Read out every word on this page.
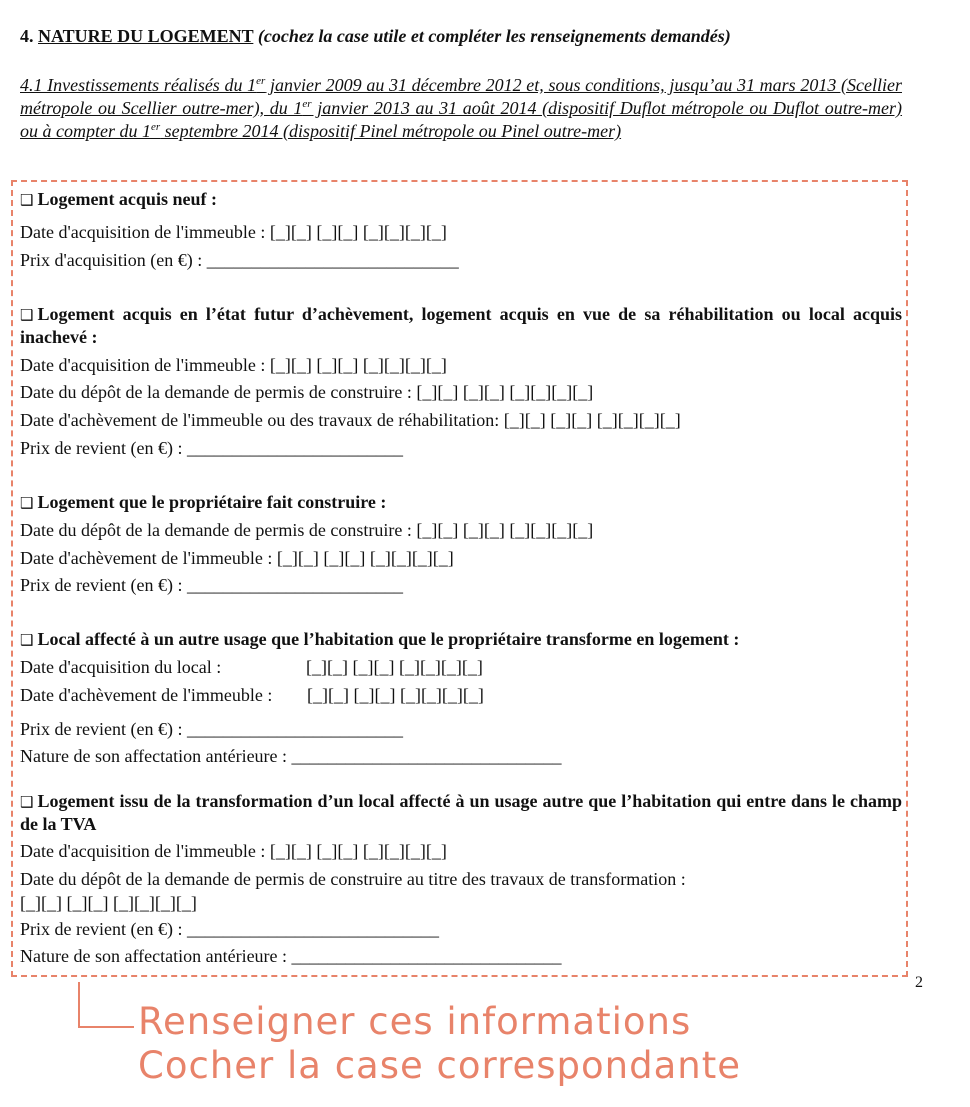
4. NATURE DU LOGEMENT (cochez la case utile et compléter les renseignements demandés)
4.1 Investissements réalisés du 1er janvier 2009 au 31 décembre 2012 et, sous conditions, jusqu’au 31 mars 2013 (Scellier métropole ou Scellier outre-mer), du 1er janvier 2013 au 31 août 2014 (dispositif Duflot métropole ou Duflot outre-mer) ou à compter du 1er septembre 2014 (dispositif Pinel métropole ou Pinel outre-mer)
❑ Logement acquis neuf :
Date d'acquisition de l'immeuble : [_][_] [_][_] [_][_][_][_]
Prix d'acquisition (en €) : ____________________________
❑ Logement acquis en l’état futur d’achèvement, logement acquis en vue de sa réhabilitation ou local acquis inachevé :
Date d'acquisition de l'immeuble : [_][_] [_][_] [_][_][_][_]
Date du dépôt de la demande de permis de construire : [_][_] [_][_] [_][_][_][_]
Date d'achèvement de l'immeuble ou des travaux de réhabilitation: [_][_] [_][_] [_][_][_][_]
Prix de revient (en €) : ________________________
❑ Logement que le propriétaire fait construire :
Date du dépôt de la demande de permis de construire : [_][_] [_][_] [_][_][_][_]
Date d'achèvement de l'immeuble : [_][_] [_][_] [_][_][_][_]
Prix de revient (en €) : ________________________
❑ Local affecté à un autre usage que l’habitation que le propriétaire transforme en logement :
Date d'acquisition du local :	[_][_] [_][_] [_][_][_][_]
Date d'achèvement de l'immeuble : [_][_] [_][_] [_][_][_][_]
Prix de revient (en €) : ________________________
Nature de son affectation antérieure : ______________________________
❑ Logement issu de la transformation d’un local affecté à un usage autre que l’habitation qui entre dans le champ de la TVA
Date d'acquisition de l'immeuble : [_][_] [_][_] [_][_][_][_]
Date du dépôt de la demande de permis de construire au titre des travaux de transformation :
[_][_] [_][_] [_][_][_][_]
Prix de revient (en €) : ____________________________
Nature de son affectation antérieure : ______________________________
2
Renseigner ces informations
Cocher la case correspondante
